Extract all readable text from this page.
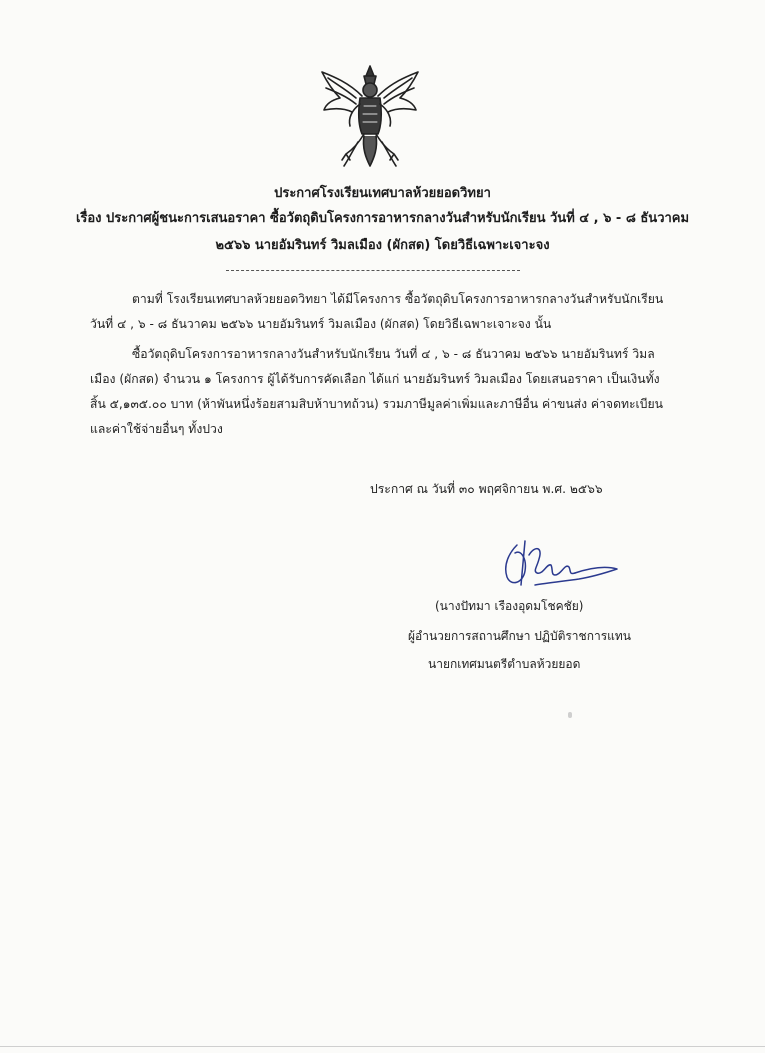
ประกาศโรงเรียนเทศบาลห้วยยอดวิทยา
เรื่อง ประกาศผู้ชนะการเสนอราคา ซื้อวัตถุดิบโครงการอาหารกลางวันสำหรับนักเรียน วันที่ ๔ , ๖ - ๘ ธันวาคม
๒๕๖๖ นายอัมรินทร์ วิมลเมือง (ผักสด) โดยวิธีเฉพาะเจาะจง
ตามที่ โรงเรียนเทศบาลห้วยยอดวิทยา ได้มีโครงการ ซื้อวัตถุดิบโครงการอาหารกลางวันสำหรับนักเรียน
วันที่ ๔ , ๖ - ๘ ธันวาคม ๒๕๖๖ นายอัมรินทร์ วิมลเมือง (ผักสด) โดยวิธีเฉพาะเจาะจง นั้น
ซื้อวัตถุดิบโครงการอาหารกลางวันสำหรับนักเรียน วันที่ ๔ , ๖ - ๘ ธันวาคม ๒๕๖๖ นายอัมรินทร์ วิมล
เมือง (ผักสด) จำนวน ๑ โครงการ ผู้ได้รับการคัดเลือก ได้แก่ นายอัมรินทร์ วิมลเมือง โดยเสนอราคา เป็นเงินทั้ง
สิ้น ๕,๑๓๕.๐๐ บาท (ห้าพันหนึ่งร้อยสามสิบห้าบาทถ้วน) รวมภาษีมูลค่าเพิ่มและภาษีอื่น ค่าขนส่ง ค่าจดทะเบียน
และค่าใช้จ่ายอื่นๆ ทั้งปวง
ประกาศ ณ วันที่ ๓๐ พฤศจิกายน พ.ศ. ๒๕๖๖
(นางปัทมา เรืองอุดมโชคชัย)
ผู้อำนวยการสถานศึกษา ปฏิบัติราชการแทน
นายกเทศมนตรีตำบลห้วยยอด
